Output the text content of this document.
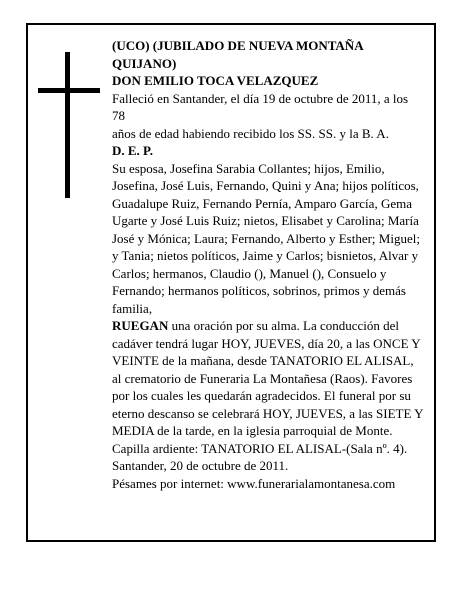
(UCO) (JUBILADO DE NUEVA MONTAÑA QUIJANO)

DON EMILIO TOCA VELAZQUEZ

Falleció en Santander, el día 19 de octubre de 2011, a los 78

años de edad habiendo recibido los SS. SS. y la B. A.

D. E. P.

Su esposa, Josefina Sarabia Collantes; hijos, Emilio, Josefina, José Luis, Fernando, Quini y Ana; hijos políticos, Guadalupe Ruiz, Fernando Pernía, Amparo García, Gema Ugarte y José Luis Ruiz; nietos, Elisabet y Carolina; María José y Mónica; Laura; Fernando, Alberto y Esther; Miguel; y Tania; nietos políticos, Jaime y Carlos; bisnietos, Alvar y Carlos; hermanos, Claudio (), Manuel (), Consuelo y Fernando; hermanos políticos, sobrinos, primos y demás familia,

RUEGAN una oración por su alma. La conducción del cadáver tendrá lugar HOY, JUEVES, día 20, a las ONCE Y VEINTE de la mañana, desde TANATORIO EL ALISAL, al crematorio de Funeraria La Montañesa (Raos). Favores por los cuales les quedarán agradecidos. El funeral por su eterno descanso se celebrará HOY, JUEVES, a las SIETE Y MEDIA de la tarde, en la iglesia parroquial de Monte. Capilla ardiente: TANATORIO EL ALISAL-(Sala nº. 4).

Santander, 20 de octubre de 2011.

Pésames por internet: www.funerarialamontanesa.com
